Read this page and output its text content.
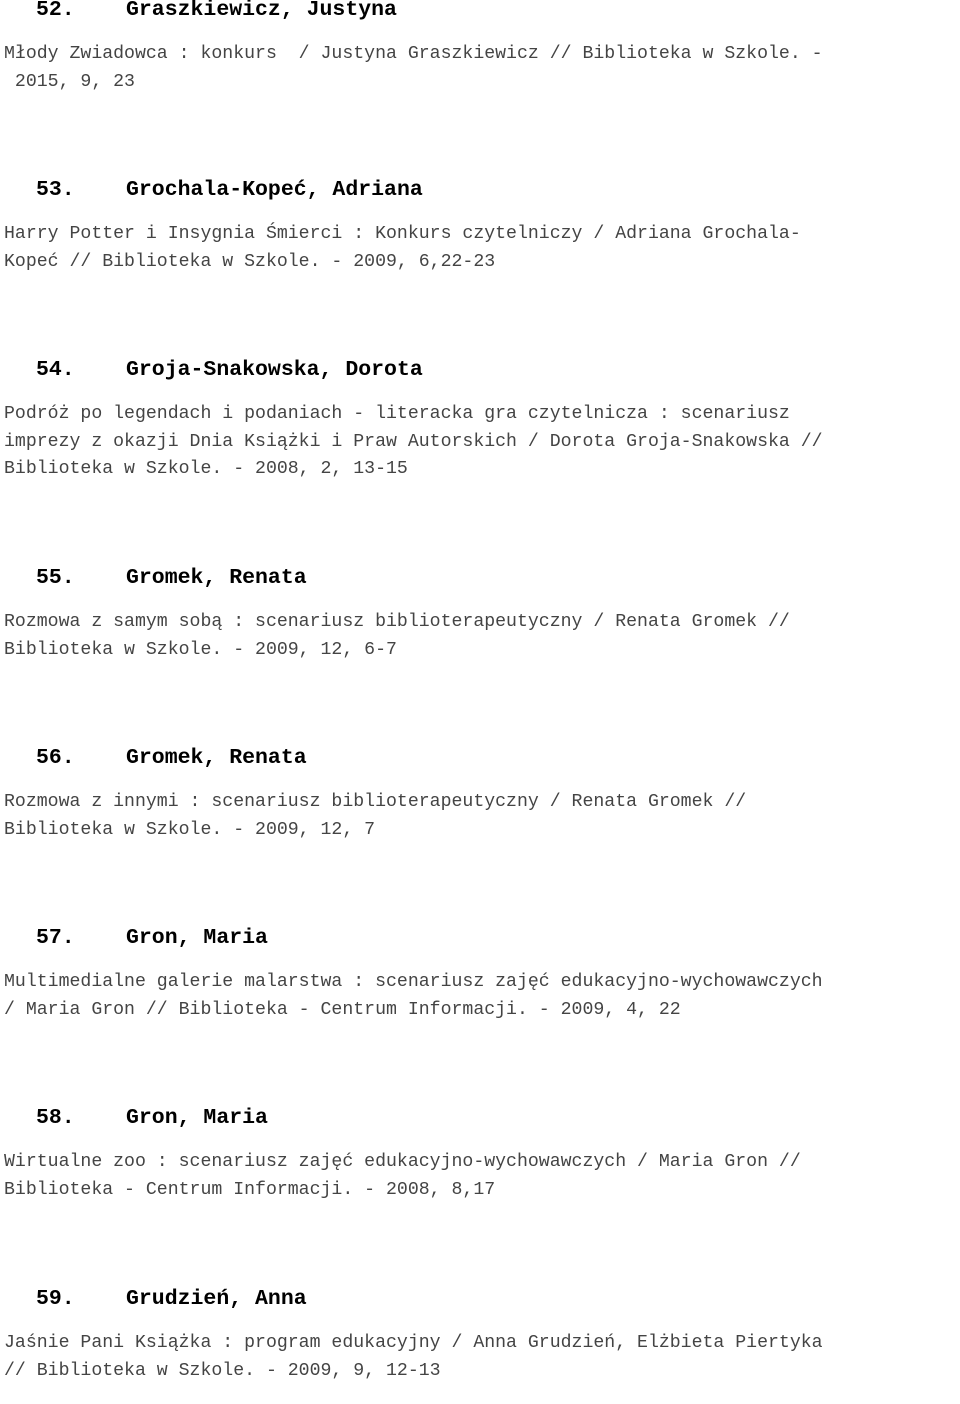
52.

Graszkiewicz, Justyna

Młody Zwiadowca : konkurs  / Justyna Graszkiewicz // Biblioteka w Szkole. -
2015, 9, 23

53.

Grochala-Kopeć, Adriana

Harry Potter i Insygnia Śmierci : Konkurs czytelniczy / Adriana Grochala-
Kopeć // Biblioteka w Szkole. - 2009, 6,22-23

54.

Groja-Snakowska, Dorota

Podróż po legendach i podaniach - literacka gra czytelnicza : scenariusz
imprezy z okazji Dnia Książki i Praw Autorskich / Dorota Groja-Snakowska //
Biblioteka w Szkole. - 2008, 2, 13-15

55.

Gromek, Renata

Rozmowa z samym sobą : scenariusz biblioterapeutyczny / Renata Gromek //
Biblioteka w Szkole. - 2009, 12, 6-7

56.

Gromek, Renata

Rozmowa z innymi : scenariusz biblioterapeutyczny / Renata Gromek //
Biblioteka w Szkole. - 2009, 12, 7

57.

Gron, Maria

Multimedialne galerie malarstwa : scenariusz zajęć edukacyjno-wychowawczych
/ Maria Gron // Biblioteka - Centrum Informacji. - 2009, 4, 22

58.

Gron, Maria

Wirtualne zoo : scenariusz zajęć edukacyjno-wychowawczych / Maria Gron //
Biblioteka - Centrum Informacji. - 2008, 8,17

59.

Grudzień, Anna

Jaśnie Pani Książka : program edukacyjny / Anna Grudzień, Elżbieta Piertyka
// Biblioteka w Szkole. - 2009, 9, 12-13
